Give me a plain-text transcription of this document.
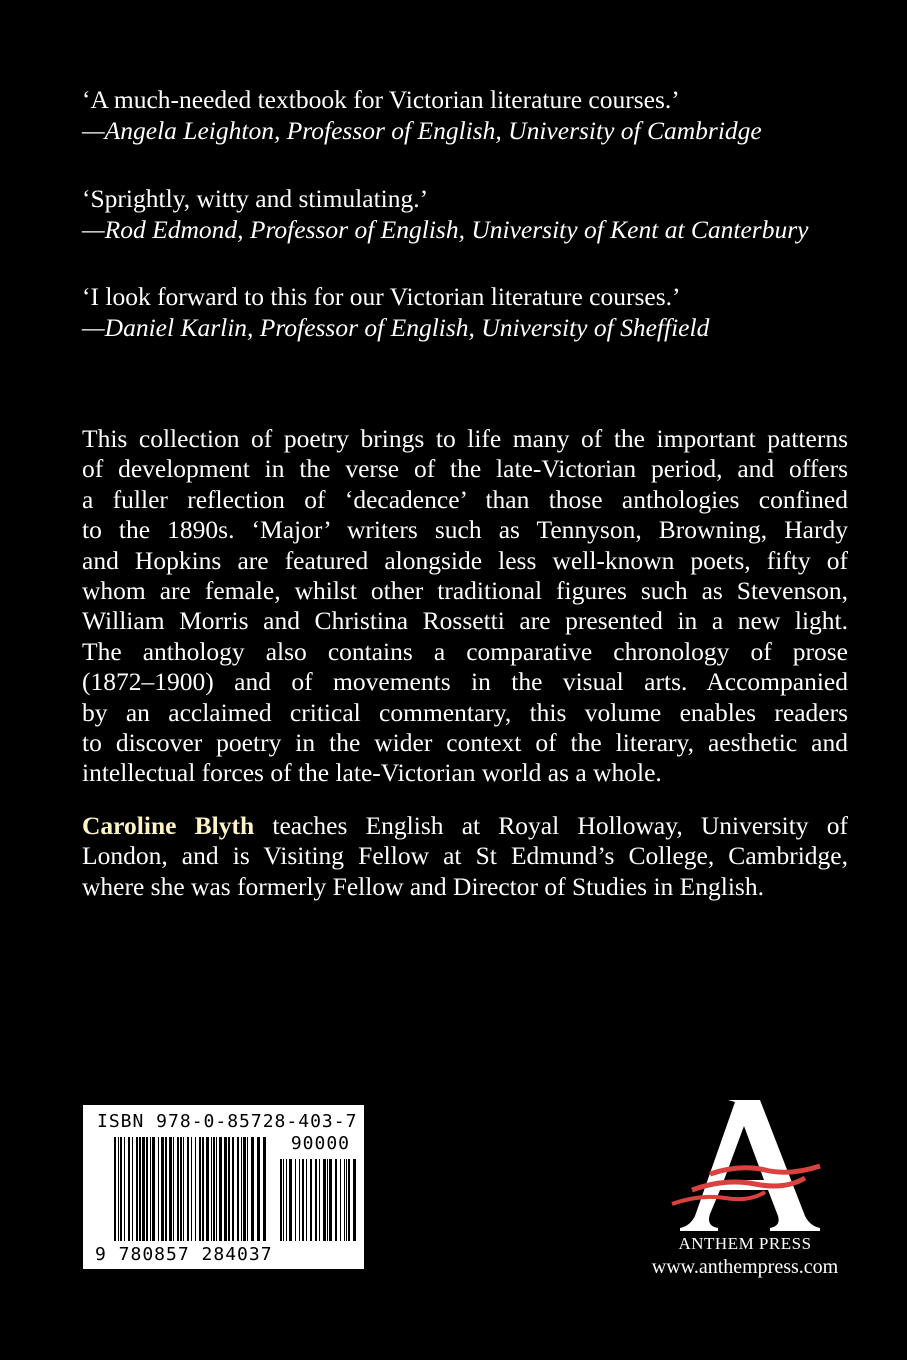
‘A much-needed textbook for Victorian literature courses.’
—Angela Leighton, Professor of English, University of Cambridge
‘Sprightly, witty and stimulating.’
—Rod Edmond, Professor of English, University of Kent at Canterbury
‘I look forward to this for our Victorian literature courses.’
—Daniel Karlin, Professor of English, University of Sheffield
This collection of poetry brings to life many of the important patterns
of development in the verse of the late-Victorian period, and offers
a fuller reflection of ‘decadence’ than those anthologies confined
to the 1890s. ‘Major’ writers such as Tennyson, Browning, Hardy
and Hopkins are featured alongside less well-known poets, fifty of
whom are female, whilst other traditional figures such as Stevenson,
William Morris and Christina Rossetti are presented in a new light.
The anthology also contains a comparative chronology of prose
(1872–1900) and of movements in the visual arts. Accompanied
by an acclaimed critical commentary, this volume enables readers
to discover poetry in the wider context of the literary, aesthetic and
intellectual forces of the late-Victorian world as a whole.
Caroline Blyth teaches English at Royal Holloway, University of
London, and is Visiting Fellow at St Edmund’s College, Cambridge,
where she was formerly Fellow and Director of Studies in English.
ISBN 978-0-85728-403-7
90000
9 780857 284037
ANTHEM PRESS
www.anthempress.com
